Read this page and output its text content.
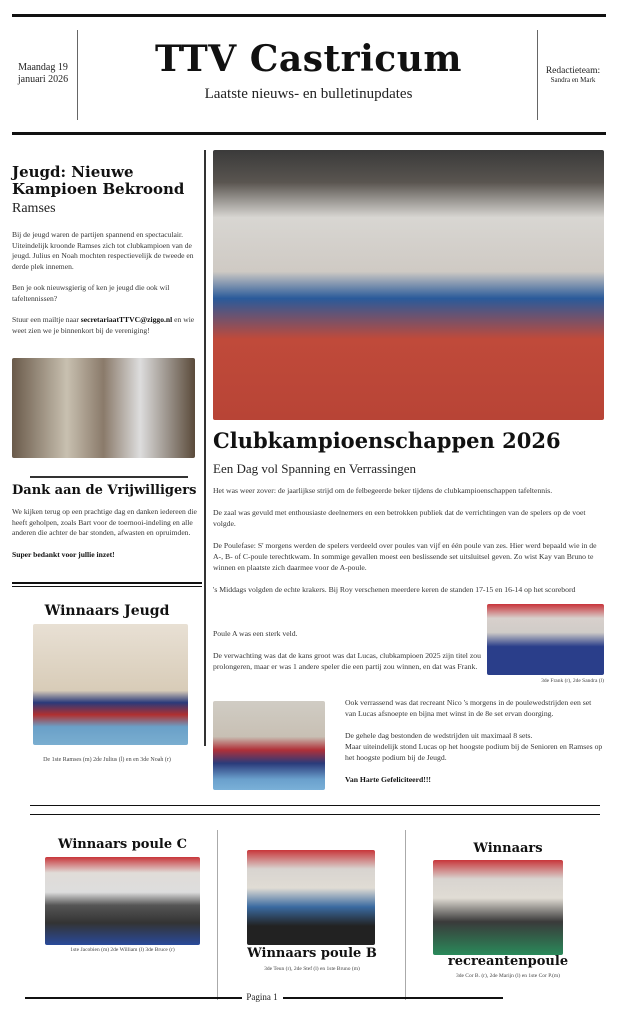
Maandag 19
januari 2026	TTV Castricum
Laatste nieuws- en bulletinupdates
Redactieteam:
Sandra en Mark
Jeugd: Nieuwe Kampioen Bekroond
Ramses

Bij de jeugd waren de partijen spannend en spectaculair. Uiteindelijk kroonde Ramses zich tot clubkampioen van de jeugd. Julius en Noah mochten respectievelijk de tweede en derde plek innemen.

Ben je ook nieuwsgierig of ken je jeugd die ook wil tafeltennissen?

Stuur een mailtje naar secretariaatTTVC@ziggo.nl en wie weet zien we je binnenkort bij de vereniging!

Dank aan de Vrijwilligers

We kijken terug op een prachtige dag en danken iedereen die heeft geholpen, zoals Bart voor de toernooi-indeling en alle anderen die achter de bar stonden, afwasten en opruimden.

Super bedankt voor jullie inzet!

Winnaars Jeugd
De 1ste Ramses (m) 2de Julius (l) en en 3de Noah (r)
Clubkampioenschappen 2026
Een Dag vol Spanning en Verrassingen

Het was weer zover: de jaarlijkse strijd om de felbegeerde beker tijdens de clubkampioenschappen tafeltennis.

De zaal was gevuld met enthousiaste deelnemers en een betrokken publiek dat de verrichtingen van de spelers op de voet volgde.

De Poulefase: S' morgens werden de spelers verdeeld over poules van vijf en één poule van zes. Hier werd bepaald wie in de A-, B- of C-poule terechtkwam. In sommige gevallen moest een beslissende set uitsluitsel geven. Zo wist Kay van Bruno te winnen en plaatste zich daarmee voor de A-poule.

's Middags volgden de echte krakers. Bij Roy verschenen meerdere keren de standen 17-15 en 16-14 op het scorebord

Poule A was een sterk veld.

De verwachting was dat de kans groot was dat Lucas, clubkampioen 2025 zijn titel zou prolongeren, maar er was 1 andere speler die een partij zou winnen, en dat was Frank.

3de Frank (r), 2de Sandra (l)

Ook verrassend was dat recreant Nico 's morgens in de poulewedstrijden een set van Lucas afsnoepte en bijna met winst in de 8e set ervan doorging.

De gehele dag bestonden de wedstrijden uit maximaal 8 sets.

Maar uiteindelijk stond Lucas op het hoogste podium bij de Senioren en Ramses op het hoogste podium bij de Jeugd.

Van Harte Gefeliciteerd!!!

Winnaars poule C
1ste Jacobien (m) 2de William (l) 3de Bruce (r)	Winnaars poule B
3de Teun (r), 2de Stef (l) en 1ste Bruno (m)
Winnaars
recreantenpoule
3de Cor B. (r), 2de Marijn (l) en 1ste Cor P.(m)
Pagina 1
